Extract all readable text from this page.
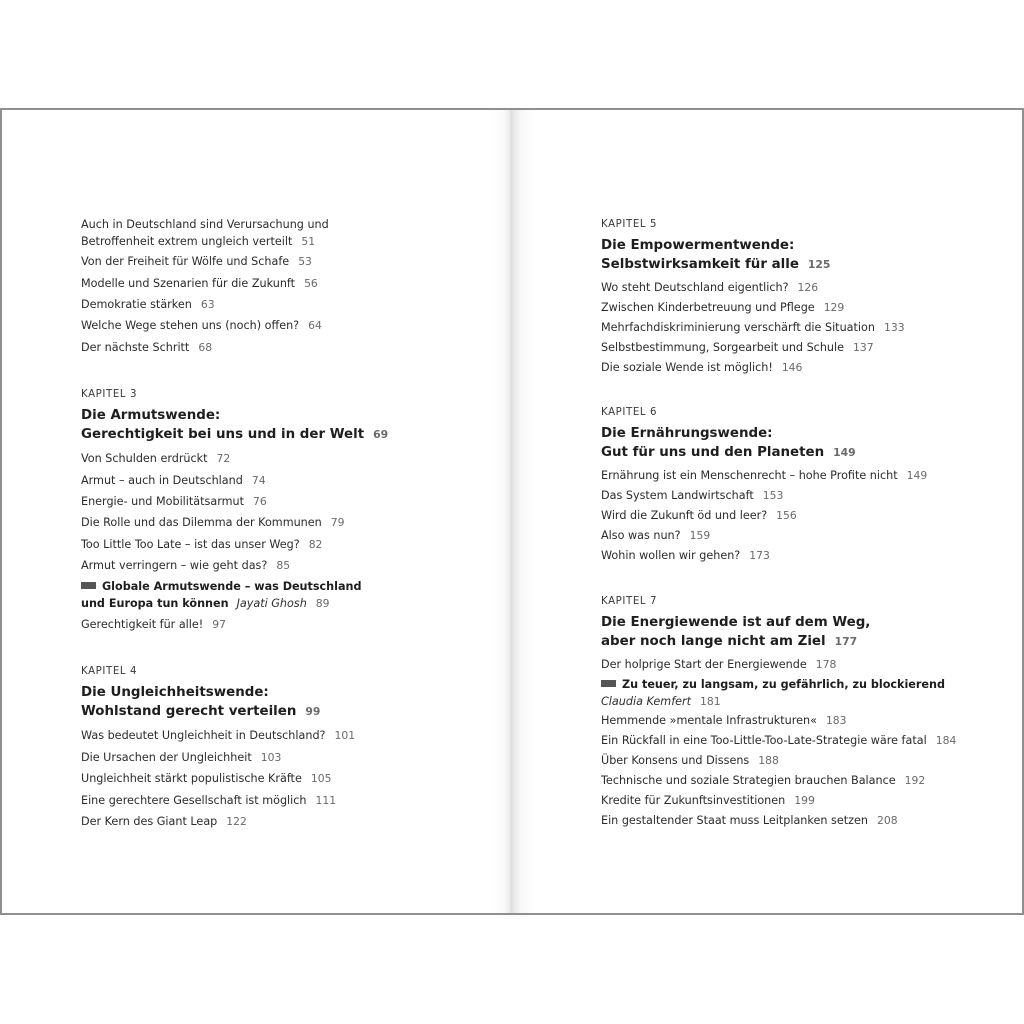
Auch in Deutschland sind Verursachung und
Betroffenheit extrem ungleich verteilt 51
Von der Freiheit für Wölfe und Schafe 53
Modelle und Szenarien für die Zukunft 56
Demokratie stärken 63
Welche Wege stehen uns (noch) offen? 64
Der nächste Schritt 68
KAPITEL 3
Die Armutswende:
Gerechtigkeit bei uns und in der Welt 69
Von Schulden erdrückt 72
Armut – auch in Deutschland 74
Energie- und Mobilitätsarmut 76
Die Rolle und das Dilemma der Kommunen 79
Too Little Too Late – ist das unser Weg? 82
Armut verringern – wie geht das? 85
Globale Armutswende – was Deutschland
und Europa tun können Jayati Ghosh 89
Gerechtigkeit für alle! 97
KAPITEL 4
Die Ungleichheitswende:
Wohlstand gerecht verteilen 99
Was bedeutet Ungleichheit in Deutschland? 101
Die Ursachen der Ungleichheit 103
Ungleichheit stärkt populistische Kräfte 105
Eine gerechtere Gesellschaft ist möglich 111
Der Kern des Giant Leap 122
KAPITEL 5
Die Empowermentwende:
Selbstwirksamkeit für alle 125
Wo steht Deutschland eigentlich? 126
Zwischen Kinderbetreuung und Pflege 129
Mehrfachdiskriminierung verschärft die Situation 133
Selbstbestimmung, Sorgearbeit und Schule 137
Die soziale Wende ist möglich! 146
KAPITEL 6
Die Ernährungswende:
Gut für uns und den Planeten 149
Ernährung ist ein Menschenrecht – hohe Profite nicht 149
Das System Landwirtschaft 153
Wird die Zukunft öd und leer? 156
Also was nun? 159
Wohin wollen wir gehen? 173
KAPITEL 7
Die Energiewende ist auf dem Weg,
aber noch lange nicht am Ziel 177
Der holprige Start der Energiewende 178
Zu teuer, zu langsam, zu gefährlich, zu blockierend
Claudia Kemfert 181
Hemmende »mentale Infrastrukturen« 183
Ein Rückfall in eine Too-Little-Too-Late-Strategie wäre fatal 184
Über Konsens und Dissens 188
Technische und soziale Strategien brauchen Balance 192
Kredite für Zukunftsinvestitionen 199
Ein gestaltender Staat muss Leitplanken setzen 208
